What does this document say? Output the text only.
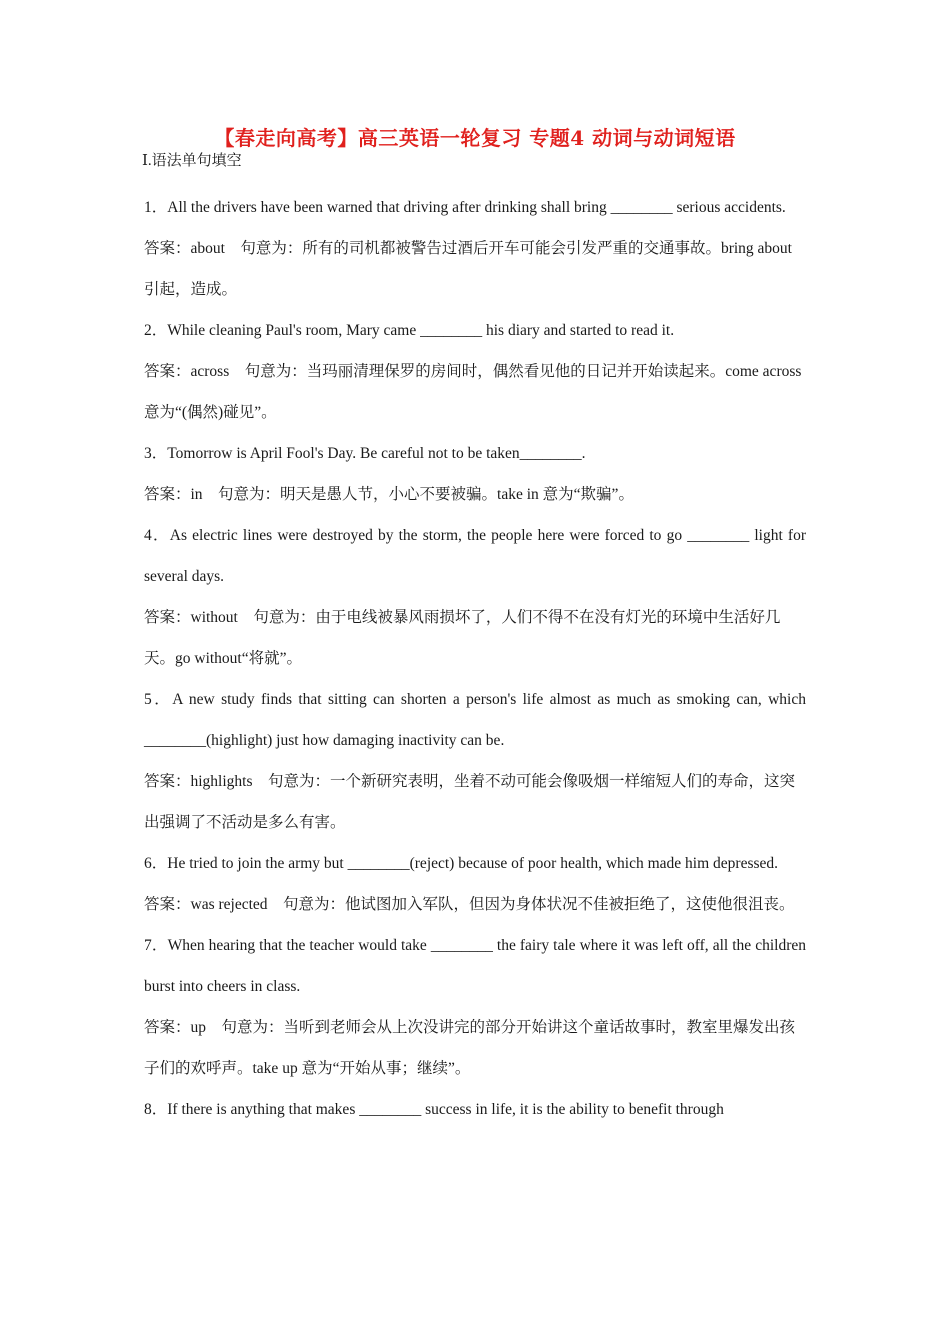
【春走向高考】高三英语一轮复习 专题4 动词与动词短语
Ⅰ.语法单句填空

1．All the drivers have been warned that driving after drinking shall bring ________ serious accidents.

答案：about　句意为：所有的司机都被警告过酒后开车可能会引发严重的交通事故。bring about 引起，造成。

2．While cleaning Paul's room, Mary came ________ his diary and started to read it.

答案：across　句意为：当玛丽清理保罗的房间时，偶然看见他的日记并开始读起来。come across 意为“(偶然)碰见”。

3．Tomorrow is April Fool's Day. Be careful not to be taken________.

答案：in　句意为：明天是愚人节，小心不要被骗。take in 意为“欺骗”。

4．As electric lines were destroyed by the storm, the people here were forced to go ________ light for several days.

答案：without　句意为：由于电线被暴风雨损坏了，人们不得不在没有灯光的环境中生活好几天。go without“将就”。

5．A new study finds that sitting can shorten a person's life almost as much as smoking can, which ________(highlight) just how damaging inactivity can be.

答案：highlights　句意为：一个新研究表明，坐着不动可能会像吸烟一样缩短人们的寿命，这突出强调了不活动是多么有害。

6．He tried to join the army but ________(reject) because of poor health, which made him depressed.

答案：was rejected　句意为：他试图加入军队，但因为身体状况不佳被拒绝了，这使他很沮丧。

7．When hearing that the teacher would take ________ the fairy tale where it was left off, all the children burst into cheers in class.

答案：up　句意为：当听到老师会从上次没讲完的部分开始讲这个童话故事时，教室里爆发出孩子们的欢呼声。take up 意为“开始从事；继续”。

8．If there is anything that makes ________ success in life, it is the ability to benefit through
